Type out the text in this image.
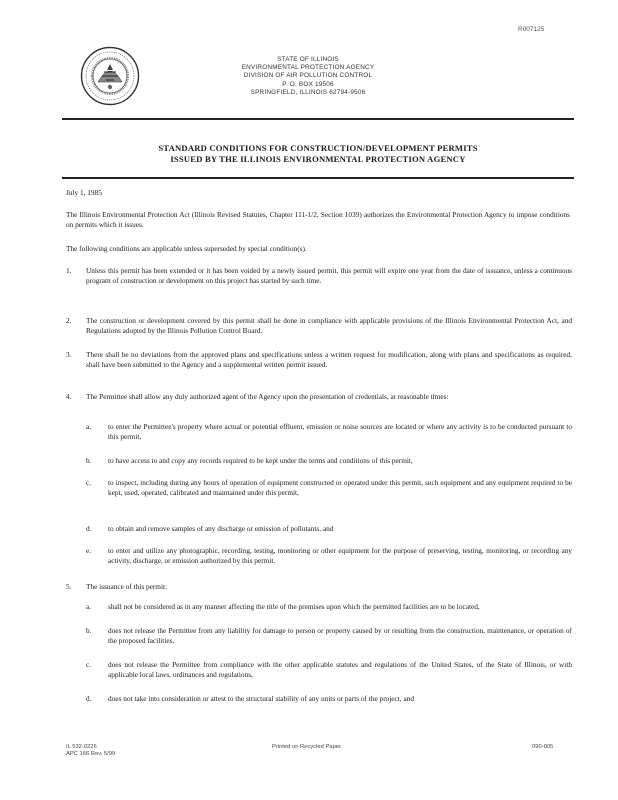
R007125
STATE OF ILLINOIS
ENVIRONMENTAL PROTECTION AGENCY
DIVISION OF AIR POLLUTION CONTROL
P. O. BOX 19506
SPRINGFIELD, ILLINOIS 62794-9506
STANDARD CONDITIONS FOR CONSTRUCTION/DEVELOPMENT PERMITS
ISSUED BY THE ILLINOIS ENVIRONMENTAL PROTECTION AGENCY
July 1, 1985
The Illinois Environmental Protection Act (Illinois Revised Statutes, Chapter 111-1/2, Section 1039) authorizes the Environmental Protection Agency to impose conditions on permits which it issues.
The following conditions are applicable unless superseded by special condition(s).
1.	Unless this permit has been extended or it has been voided by a newly issued permit, this permit will expire one year from the date of issuance, unless a continuous program of construction or development on this project has started by such time.
2.	The construction or development covered by this permit shall be done in compliance with applicable provisions of the Illinois Environmental Protection Act, and Regulations adopted by the Illinois Pollution Control Board.
3.	There shall be no deviations from the approved plans and specifications unless a written request for modification, along with plans and specifications as required, shall have been submitted to the Agency and a supplemental written permit issued.
4.	The Permittee shall allow any duly authorized agent of the Agency upon the presentation of credentials, at reasonable times:
a.	to enter the Permittee's property where actual or potential effluent, emission or noise sources are located or where any activity is to be conducted pursuant to this permit,
b.	to have access to and copy any records required to be kept under the terms and conditions of this permit,
c.	to inspect, including during any hours of operation of equipment constructed or operated under this permit, such equipment and any equipment required to be kept, used, operated, calibrated and maintained under this permit,
d.	to obtain and remove samples of any discharge or emission of pollutants, and
e.	to enter and utilize any photographic, recording, testing, monitoring or other equipment for the purpose of preserving, testing, monitoring, or recording any activity, discharge, or emission authorized by this permit.
5.	The issuance of this permit:
a.	shall not be considered as in any manner affecting the title of the premises upon which the permitted facilities are to be located,
b.	does not release the Permittee from any liability for damage to person or property caused by or resulting from the construction, maintenance, or operation of the proposed facilities,
c.	does not release the Permittee from compliance with the other applicable statutes and regulations of the United States, of the State of Illinois, or with applicable local laws, ordinances and regulations,
d.	does not take into consideration or attest to the structural stability of any units or parts of the project, and
IL 532-0226
APC 166 Rev. 5/99
Printed on Recycled Paper	090-005
